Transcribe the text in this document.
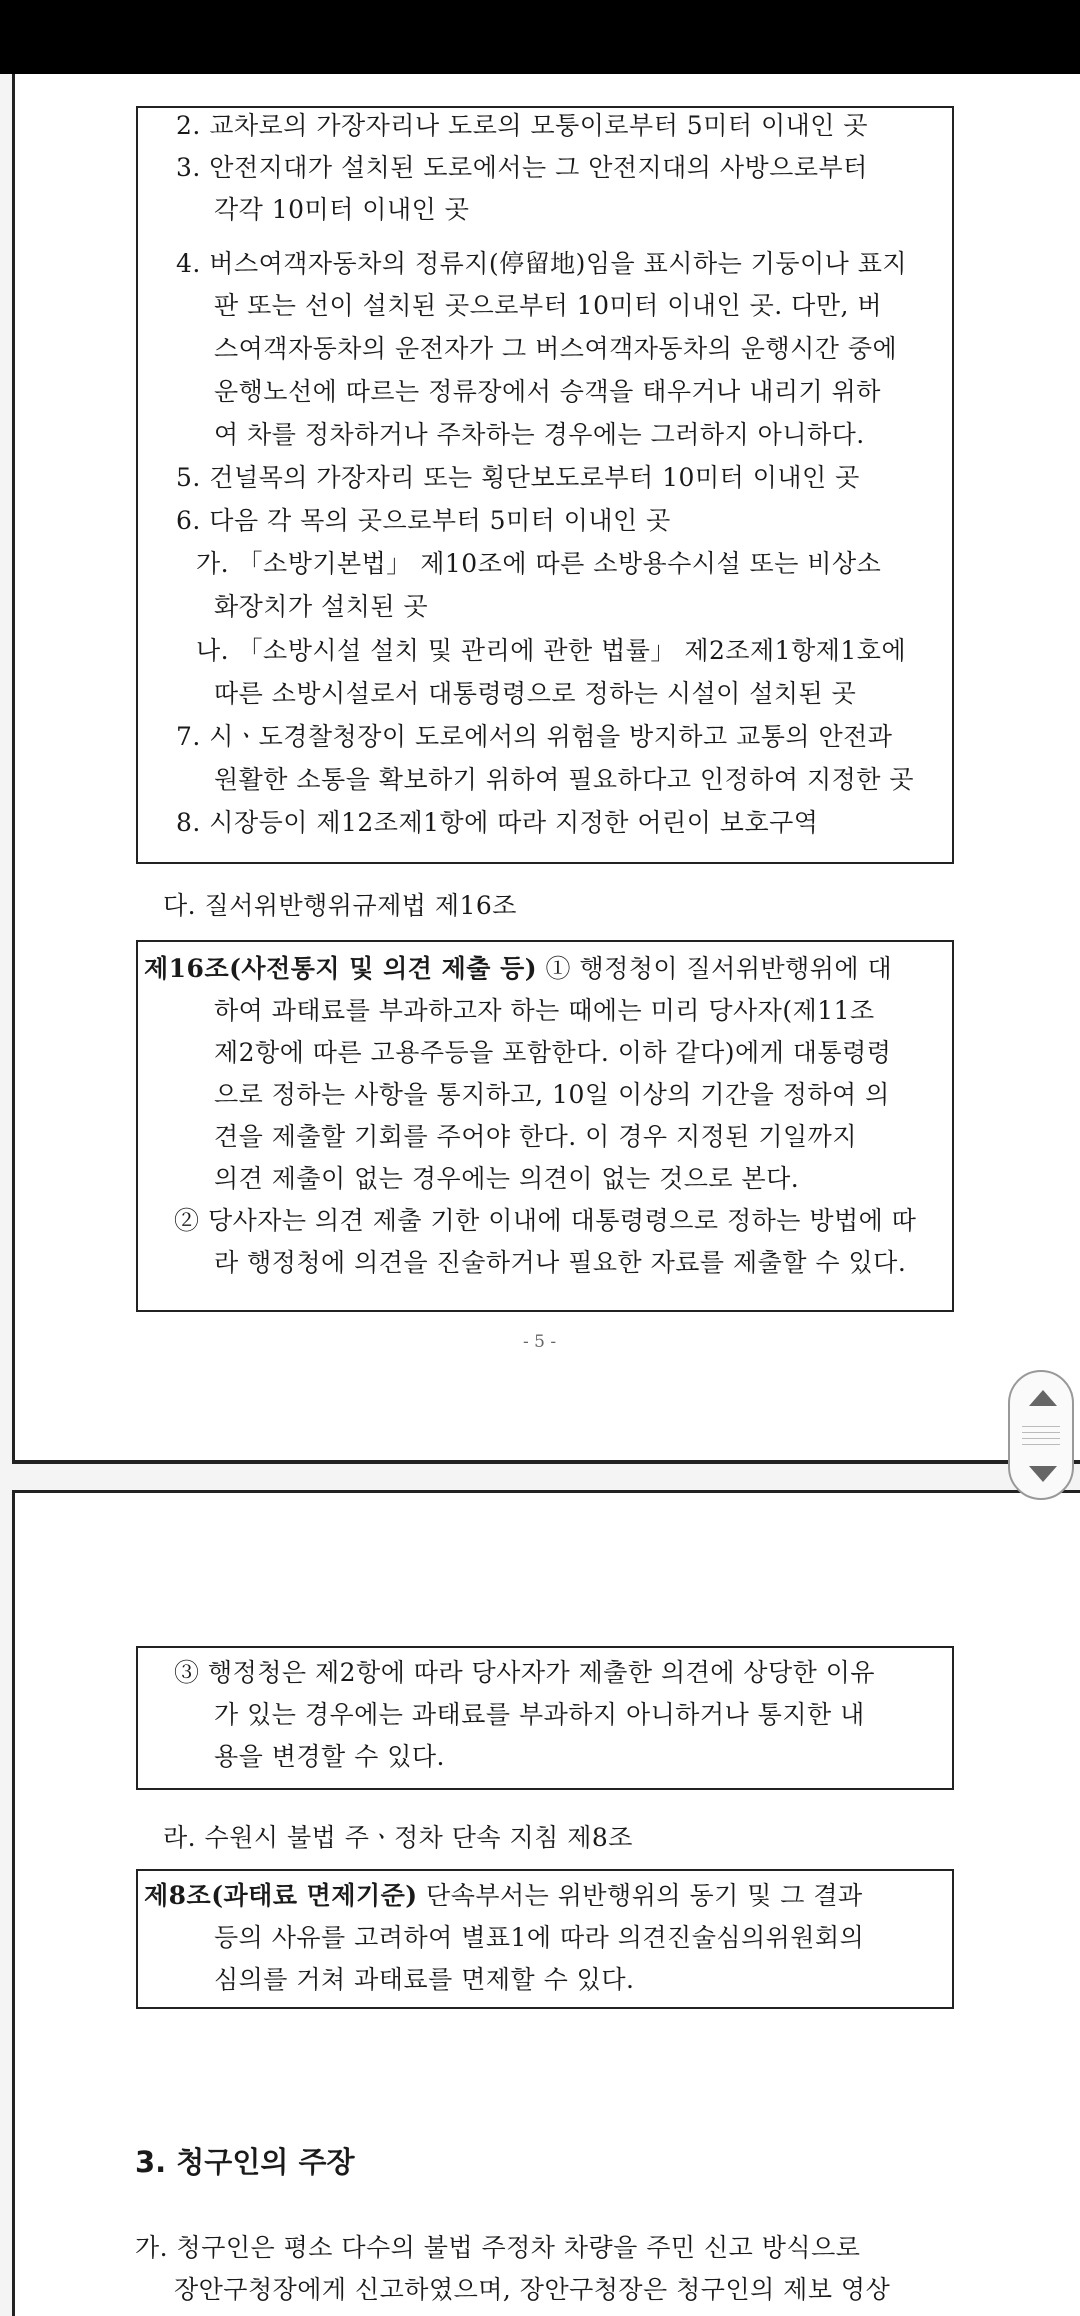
2. 교차로의 가장자리나 도로의 모퉁이로부터 5미터 이내인 곳
3. 안전지대가 설치된 도로에서는 그 안전지대의 사방으로부터
각각 10미터 이내인 곳
4. 버스여객자동차의 정류지(停留地)임을 표시하는 기둥이나 표지
판 또는 선이 설치된 곳으로부터 10미터 이내인 곳. 다만, 버
스여객자동차의 운전자가 그 버스여객자동차의 운행시간 중에
운행노선에 따르는 정류장에서 승객을 태우거나 내리기 위하
여 차를 정차하거나 주차하는 경우에는 그러하지 아니하다.
5. 건널목의 가장자리 또는 횡단보도로부터 10미터 이내인 곳
6. 다음 각 목의 곳으로부터 5미터 이내인 곳
가. 「소방기본법」 제10조에 따른 소방용수시설 또는 비상소
화장치가 설치된 곳
나. 「소방시설 설치 및 관리에 관한 법률」 제2조제1항제1호에
따른 소방시설로서 대통령령으로 정하는 시설이 설치된 곳
7. 시ㆍ도경찰청장이 도로에서의 위험을 방지하고 교통의 안전과
원활한 소통을 확보하기 위하여 필요하다고 인정하여 지정한 곳
8. 시장등이 제12조제1항에 따라 지정한 어린이 보호구역
다. 질서위반행위규제법 제16조
제16조(사전통지 및 의견 제출 등) ① 행정청이 질서위반행위에 대
하여 과태료를 부과하고자 하는 때에는 미리 당사자(제11조
제2항에 따른 고용주등을 포함한다. 이하 같다)에게 대통령령
으로 정하는 사항을 통지하고, 10일 이상의 기간을 정하여 의
견을 제출할 기회를 주어야 한다. 이 경우 지정된 기일까지
의견 제출이 없는 경우에는 의견이 없는 것으로 본다.
② 당사자는 의견 제출 기한 이내에 대통령령으로 정하는 방법에 따
라 행정청에 의견을 진술하거나 필요한 자료를 제출할 수 있다.
- 5 -
③ 행정청은 제2항에 따라 당사자가 제출한 의견에 상당한 이유
가 있는 경우에는 과태료를 부과하지 아니하거나 통지한 내
용을 변경할 수 있다.
라. 수원시 불법 주ㆍ정차 단속 지침 제8조
제8조(과태료 면제기준) 단속부서는 위반행위의 동기 및 그 결과
등의 사유를 고려하여 별표1에 따라 의견진술심의위원회의
심의를 거쳐 과태료를 면제할 수 있다.
3. 청구인의 주장
가. 청구인은 평소 다수의 불법 주정차 차량을 주민 신고 방식으로
장안구청장에게 신고하였으며, 장안구청장은 청구인의 제보 영상
